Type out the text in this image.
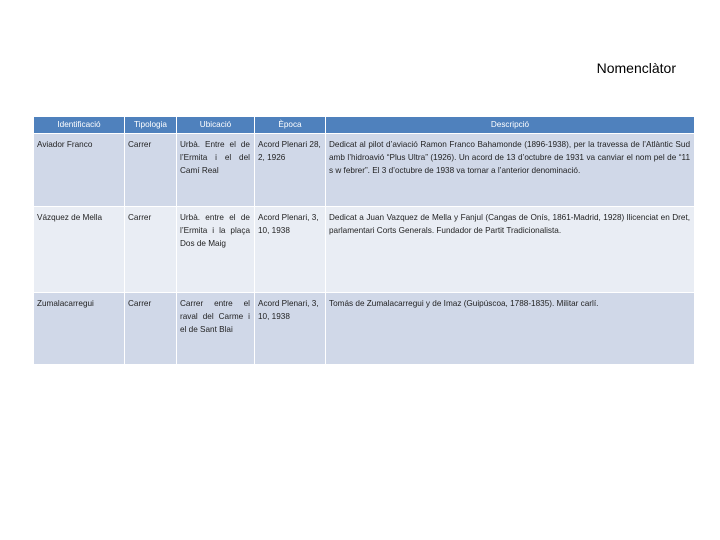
Nomenclàtor
Identificació	Tipologia	Ubicació	Època	Descripció
Aviador Franco	Carrer	Urbà. Entre el de l’Ermita i el del Camí Real	Acord Plenari 28, 2, 1926	Dedicat al pilot d’aviació Ramon Franco Bahamonde (1896-1938), per la travessa de l’Atlàntic Sud amb l’hidroavió “Plus Ultra” (1926). Un acord de 13 d’octubre de 1931 va canviar el nom pel de “11 s w febrer”. El 3 d’octubre de 1938 va tornar a l’anterior denominació.
Vázquez de Mella	Carrer	Urbà. entre el de l’Ermita i la plaça Dos de Maig	Acord Plenari, 3, 10, 1938	Dedicat a Juan Vazquez de Mella y Fanjul (Cangas de Onís, 1861-Madrid, 1928) llicenciat en Dret, parlamentari Corts Generals. Fundador de Partit Tradicionalista.
Zumalacarregui	Carrer	Carrer entre el raval del Carme i el de Sant Blai	Acord Plenari, 3, 10, 1938	Tomás de Zumalacarregui y de Imaz (Guipúscoa, 1788-1835). Militar carlí.
